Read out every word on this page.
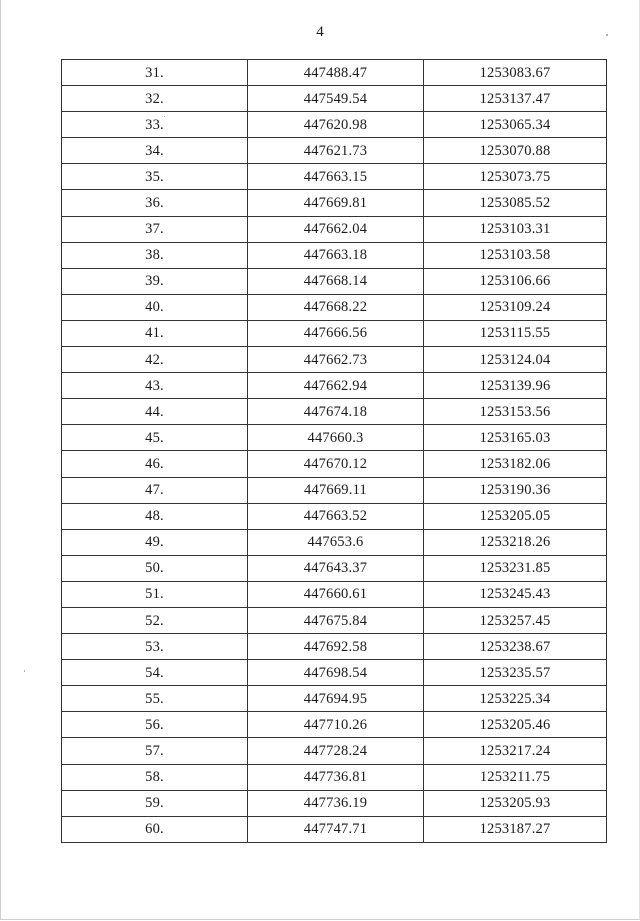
4
31.	447488.47	1253083.67
32.	447549.54	1253137.47
33.	447620.98	1253065.34
34.	447621.73	1253070.88
35.	447663.15	1253073.75
36.	447669.81	1253085.52
37.	447662.04	1253103.31
38.	447663.18	1253103.58
39.	447668.14	1253106.66
40.	447668.22	1253109.24
41.	447666.56	1253115.55
42.	447662.73	1253124.04
43.	447662.94	1253139.96
44.	447674.18	1253153.56
45.	447660.3	1253165.03
46.	447670.12	1253182.06
47.	447669.11	1253190.36
48.	447663.52	1253205.05
49.	447653.6	1253218.26
50.	447643.37	1253231.85
51.	447660.61	1253245.43
52.	447675.84	1253257.45
53.	447692.58	1253238.67
54.	447698.54	1253235.57
55.	447694.95	1253225.34
56.	447710.26	1253205.46
57.	447728.24	1253217.24
58.	447736.81	1253211.75
59.	447736.19	1253205.93
60.	447747.71	1253187.27
